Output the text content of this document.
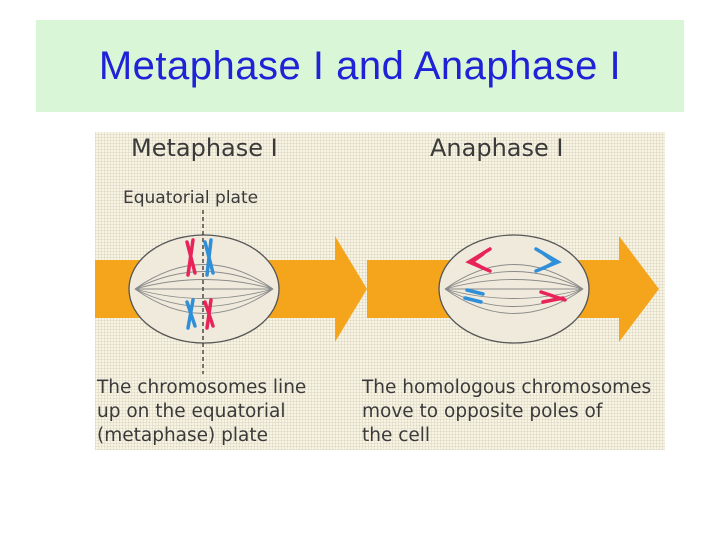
Metaphase I and Anaphase I
Metaphase I	Anaphase I
Equatorial plate
The chromosomes line
up on the equatorial
(metaphase) plate
The homologous chromosomes
move to opposite poles of
the cell
